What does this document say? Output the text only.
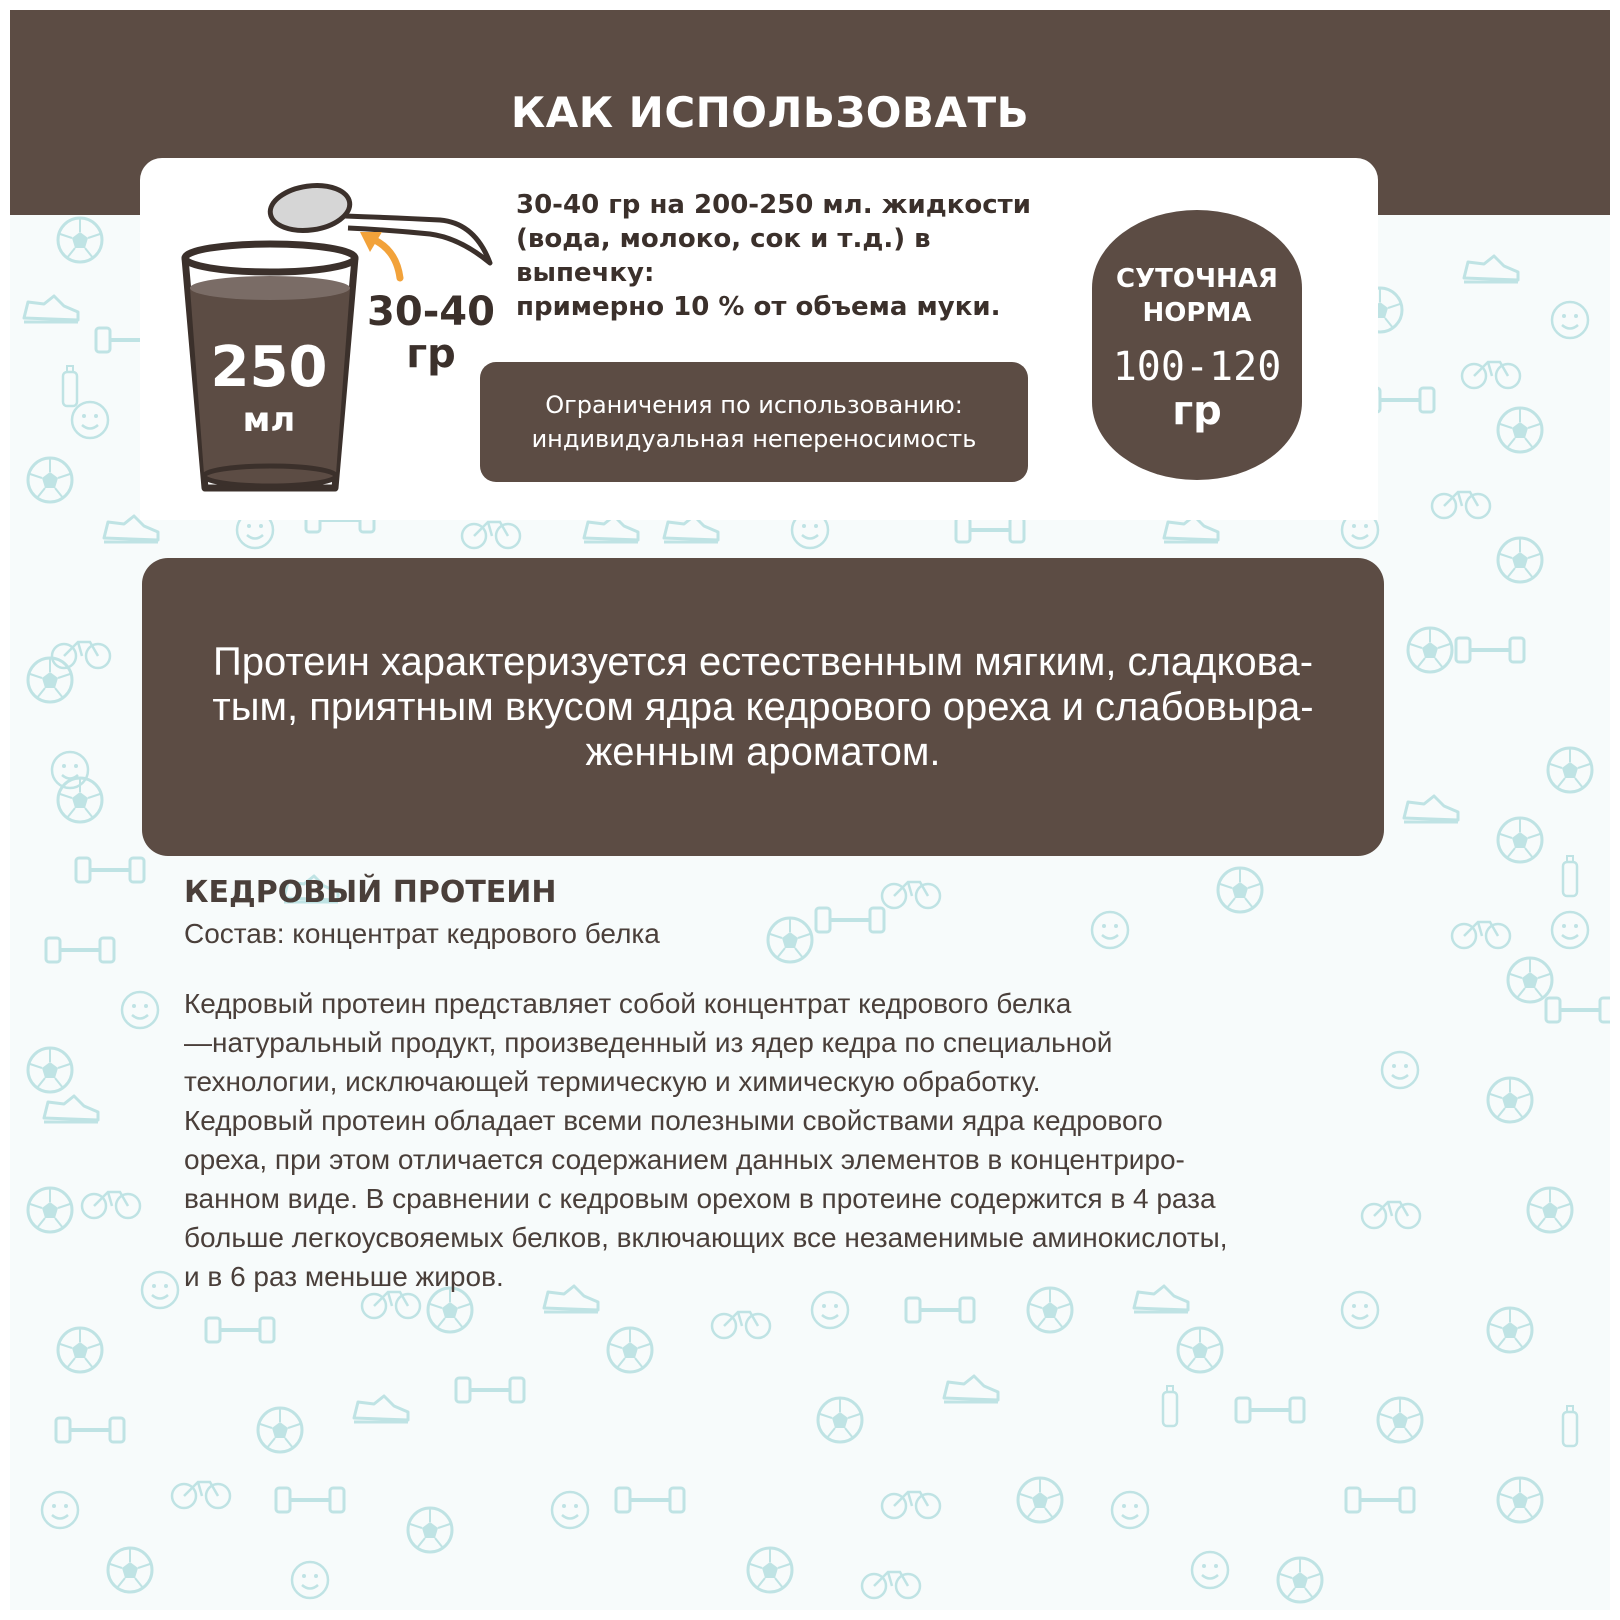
КАК ИСПОЛЬЗОВАТЬ
250
мл
30-40
гр
30-40 гр на 200-250 мл. жидкости
(вода, молоко, сок и т.д.) в выпечку:
примерно 10 % от объема муки.
Ограничения по использованию:
индивидуальная непереносимость
СУТОЧНАЯ
НОРМА
100-120
гр
Протеин характеризуется естественным мягким, сладкова-
тым, приятным вкусом ядра кедрового ореха и слабовыра-
женным ароматом.
КЕДРОВЫЙ ПРОТЕИН
Состав: концентрат кедрового белка
Кедровый протеин представляет собой концентрат кедрового белка
—натуральный продукт, произведенный из ядер кедра по специальной
технологии, исключающей термическую и химическую обработку.
Кедровый протеин обладает всеми полезными свойствами ядра кедрового
ореха, при этом отличается содержанием данных элементов в концентриро-
ванном виде. В сравнении с кедровым орехом в протеине содержится в 4 раза
больше легкоусвояемых белков, включающих все незаменимые аминокислоты,
и в 6 раз меньше жиров.
